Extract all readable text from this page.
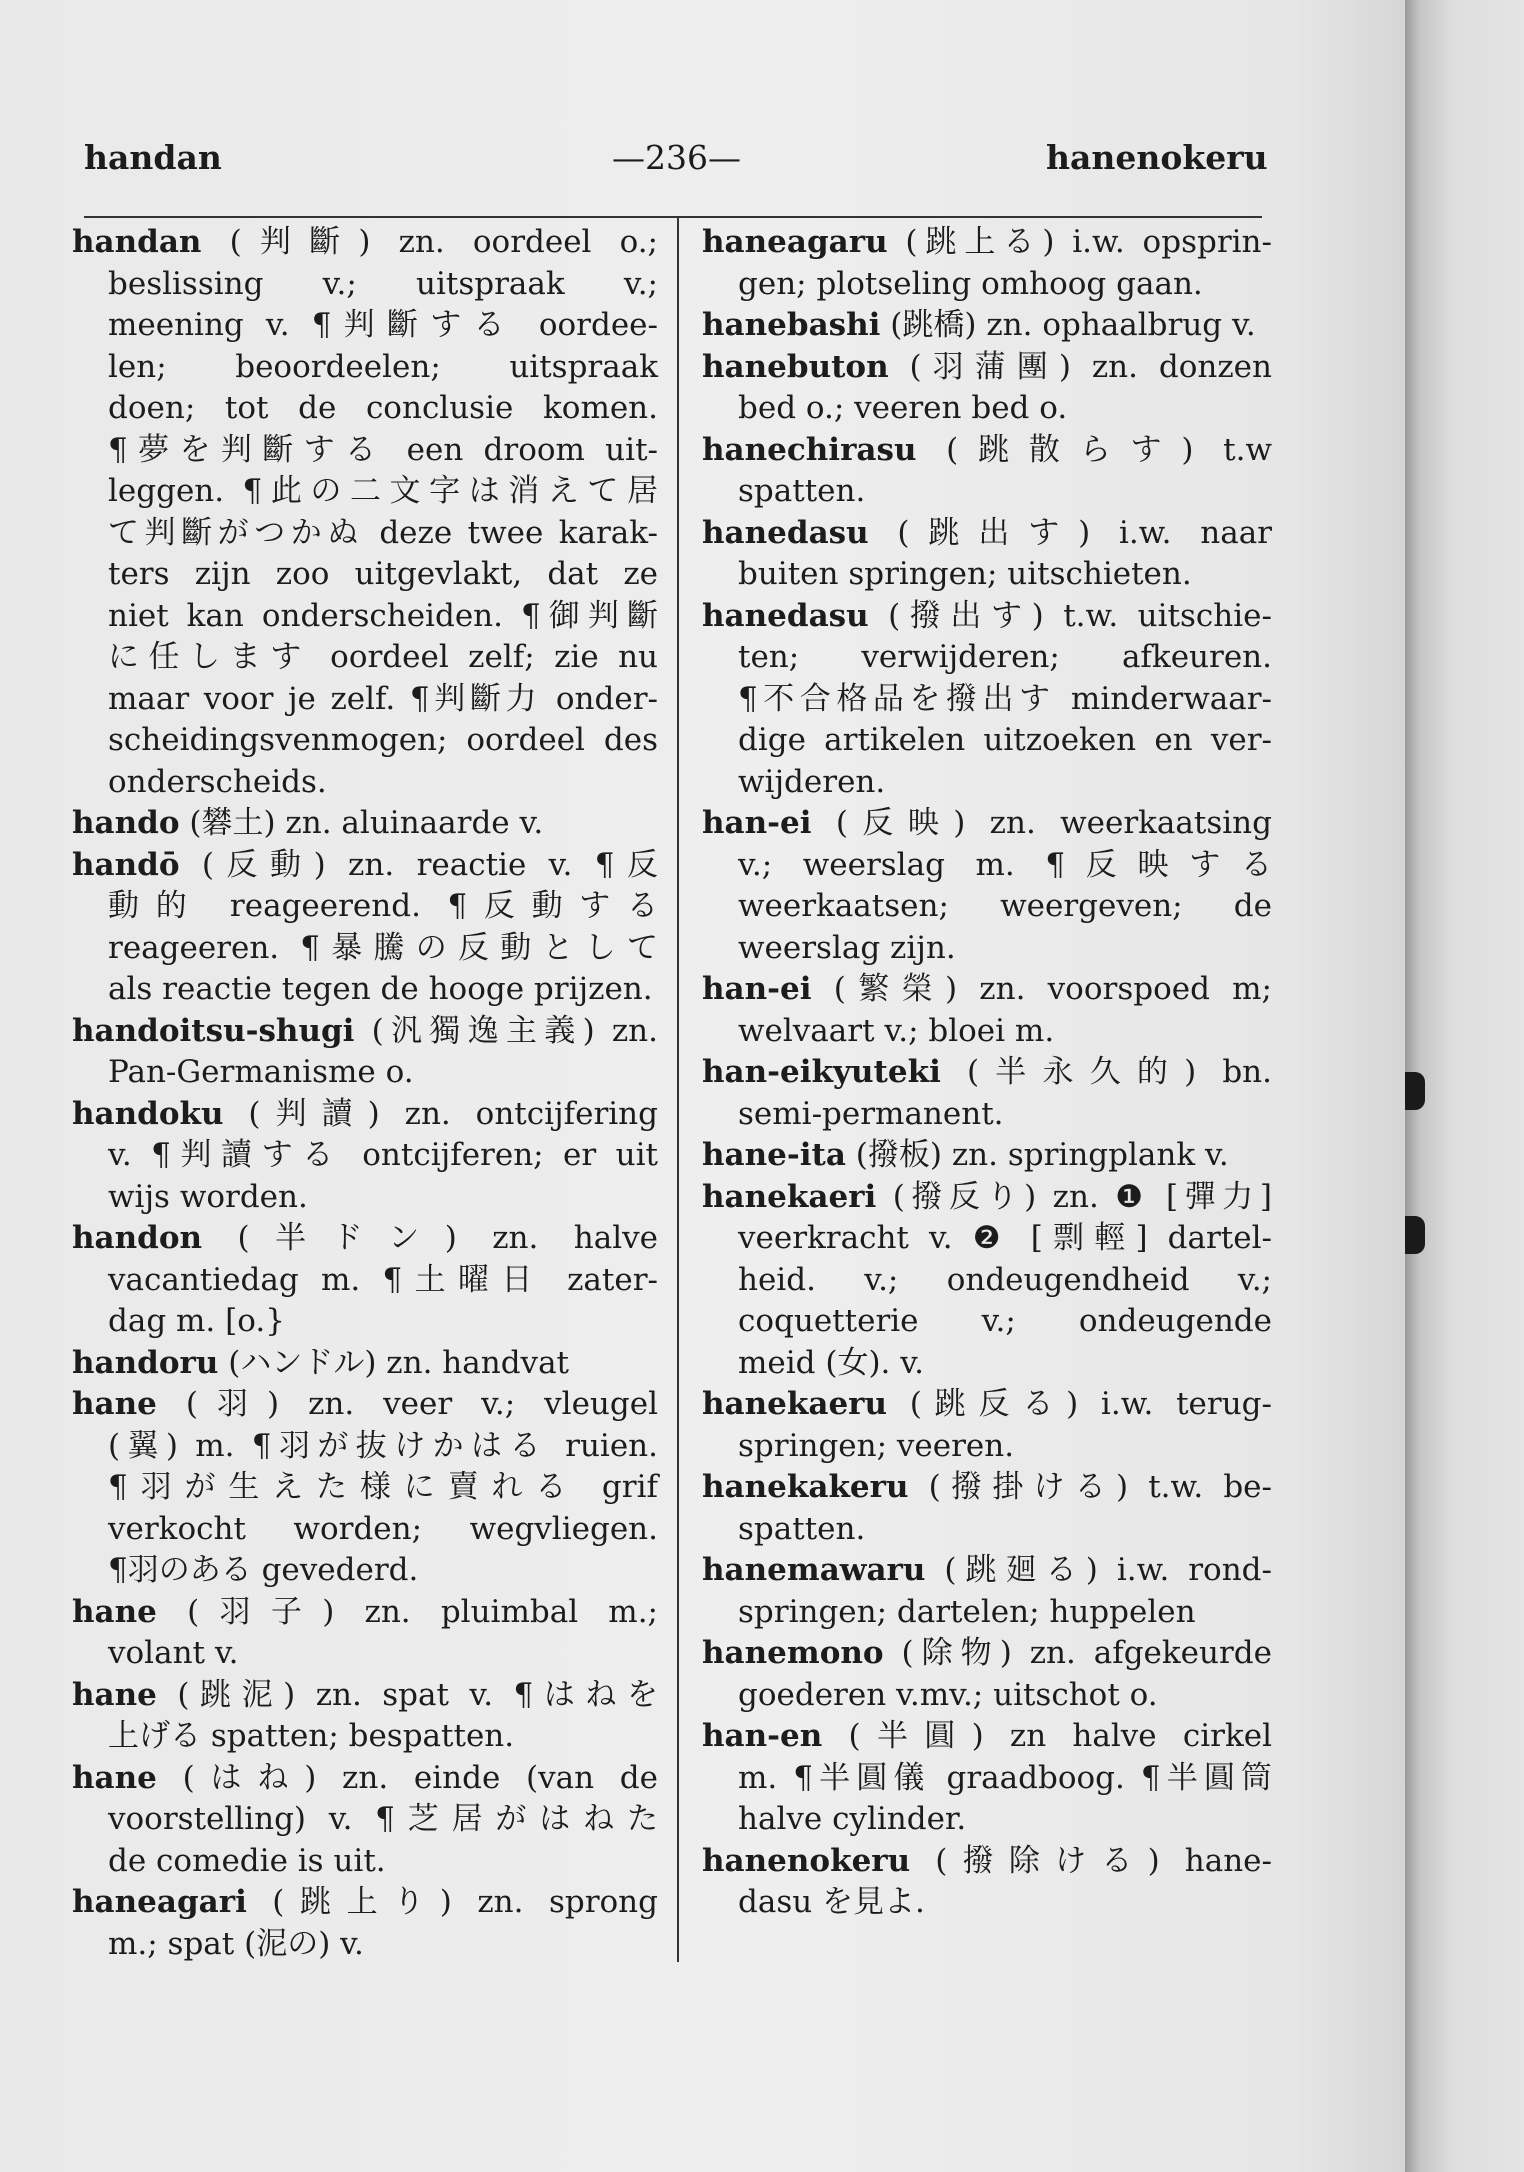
handan	—236—	hanenokeru
handan (判斷) zn. oordeel o.;
beslissing v.; uitspraak v.;
meening v. ¶判斷する oordee-
len; beoordeelen; uitspraak
doen; tot de conclusie komen.
¶夢を判斷する een droom uit-
leggen. ¶此の二文字は消えて居
て判斷がつかぬ deze twee karak-
ters zijn zoo uitgevlakt, dat ze
niet kan onderscheiden. ¶御判斷
に任します oordeel zelf; zie nu
maar voor je zelf. ¶判斷力 onder-
scheidingsvenmogen; oordeel des
onderscheids.
hando (礬土) zn. aluinaarde v.
handō (反動) zn. reactie v. ¶反
動的 reageerend. ¶反動する
reageeren. ¶暴騰の反動として
als reactie tegen de hooge prijzen.
handoitsu-shugi (汎獨逸主義) zn.
Pan-Germanisme o.
handoku (判讀) zn. ontcijfering
v. ¶判讀する ontcijferen; er uit
wijs worden.
handon (半ドン) zn. halve
vacantiedag m. ¶土曜日 zater-
dag m. [o.}
handoru (ハンドル) zn. handvat
hane (羽) zn. veer v.; vleugel
(翼) m. ¶羽が抜けかはる ruien.
¶羽が生えた様に賣れる grif
verkocht worden; wegvliegen.
¶羽のある gevederd.
hane (羽子) zn. pluimbal m.;
volant v.
hane (跳泥) zn. spat v. ¶はねを
上げる spatten; bespatten.
hane (はね) zn. einde (van de
voorstelling) v. ¶芝居がはねた
de comedie is uit.
haneagari (跳上り) zn. sprong
m.; spat (泥の) v.
haneagaru (跳上る) i.w. opsprin-
gen; plotseling omhoog gaan.
hanebashi (跳橋) zn. ophaalbrug v.
hanebuton (羽蒲團) zn. donzen
bed o.; veeren bed o.
hanechirasu (跳散らす) t.w
spatten.
hanedasu (跳出す) i.w. naar
buiten springen; uitschieten.
hanedasu (撥出す) t.w. uitschie-
ten; verwijderen; afkeuren.
¶不合格品を撥出す minderwaar-
dige artikelen uitzoeken en ver-
wijderen.
han-ei (反映) zn. weerkaatsing
v.; weerslag m. ¶反映する
weerkaatsen; weergeven; de
weerslag zijn.
han-ei (繁榮) zn. voorspoed m;
welvaart v.; bloei m.
han-eikyuteki (半永久的) bn.
semi-permanent.
hane-ita (撥板) zn. springplank v.
hanekaeri (撥反り) zn. ❶ [彈力]
veerkracht v. ❷ [剽輕] dartel-
heid. v.; ondeugendheid v.;
coquetterie v.; ondeugende
meid (女). v.
hanekaeru (跳反る) i.w. terug-
springen; veeren.
hanekakeru (撥掛ける) t.w. be-
spatten.
hanemawaru (跳廻る) i.w. rond-
springen; dartelen; huppelen
hanemono (除物) zn. afgekeurde
goederen v.mv.; uitschot o.
han-en (半圓) zn halve cirkel
m. ¶半圓儀 graadboog. ¶半圓筒
halve cylinder.
hanenokeru (撥除ける) hane-
dasu を見よ.
